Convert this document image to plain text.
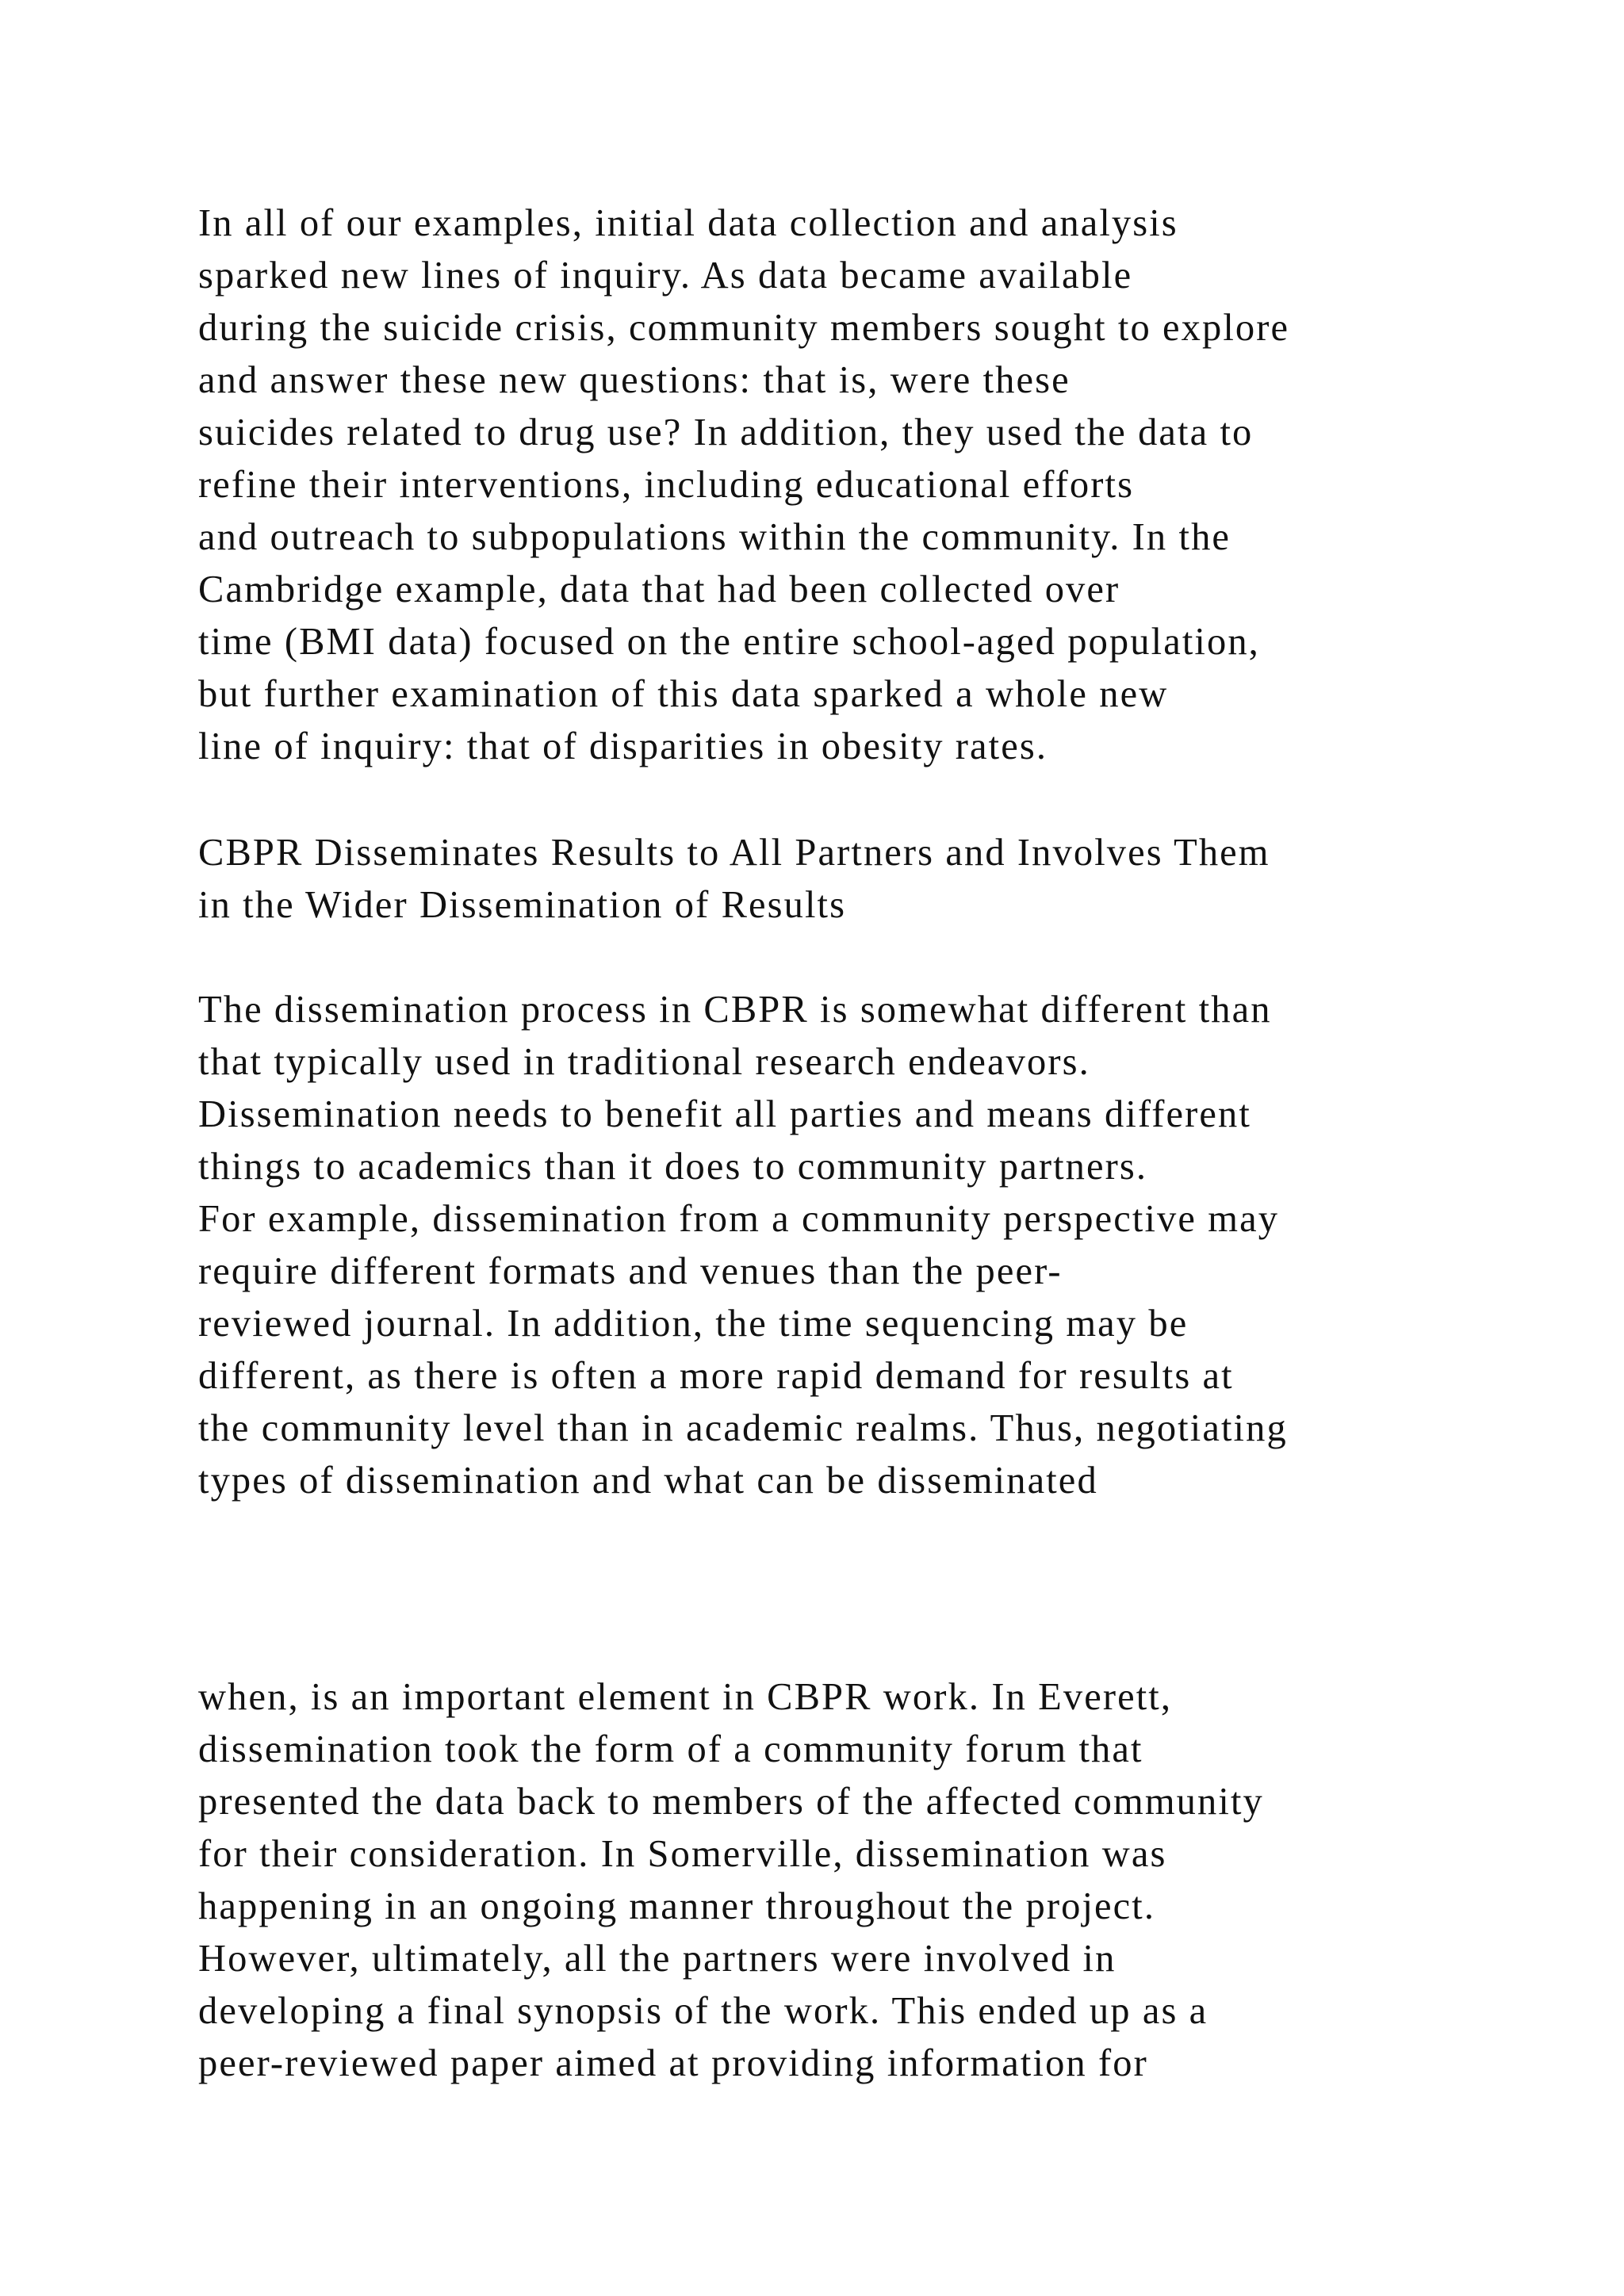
In all of our examples, initial data collection and analysis
sparked new lines of inquiry. As data became available
during the suicide crisis, community members sought to explore
and answer these new questions: that is, were these
suicides related to drug use? In addition, they used the data to
refine their interventions, including educational efforts
and outreach to subpopulations within the community. In the
Cambridge example, data that had been collected over
time (BMI data) focused on the entire school-aged population,
but further examination of this data sparked a whole new
line of inquiry: that of disparities in obesity rates.
CBPR Disseminates Results to All Partners and Involves Them
in the Wider Dissemination of Results
The dissemination process in CBPR is somewhat different than
that typically used in traditional research endeavors.
Dissemination needs to benefit all parties and means different
things to academics than it does to community partners.
For example, dissemination from a community perspective may
require different formats and venues than the peer-
reviewed journal. In addition, the time sequencing may be
different, as there is often a more rapid demand for results at
the community level than in academic realms. Thus, negotiating
types of dissemination and what can be disseminated
when, is an important element in CBPR work. In Everett,
dissemination took the form of a community forum that
presented the data back to members of the affected community
for their consideration. In Somerville, dissemination was
happening in an ongoing manner throughout the project.
However, ultimately, all the partners were involved in
developing a final synopsis of the work. This ended up as a
peer-reviewed paper aimed at providing information for
